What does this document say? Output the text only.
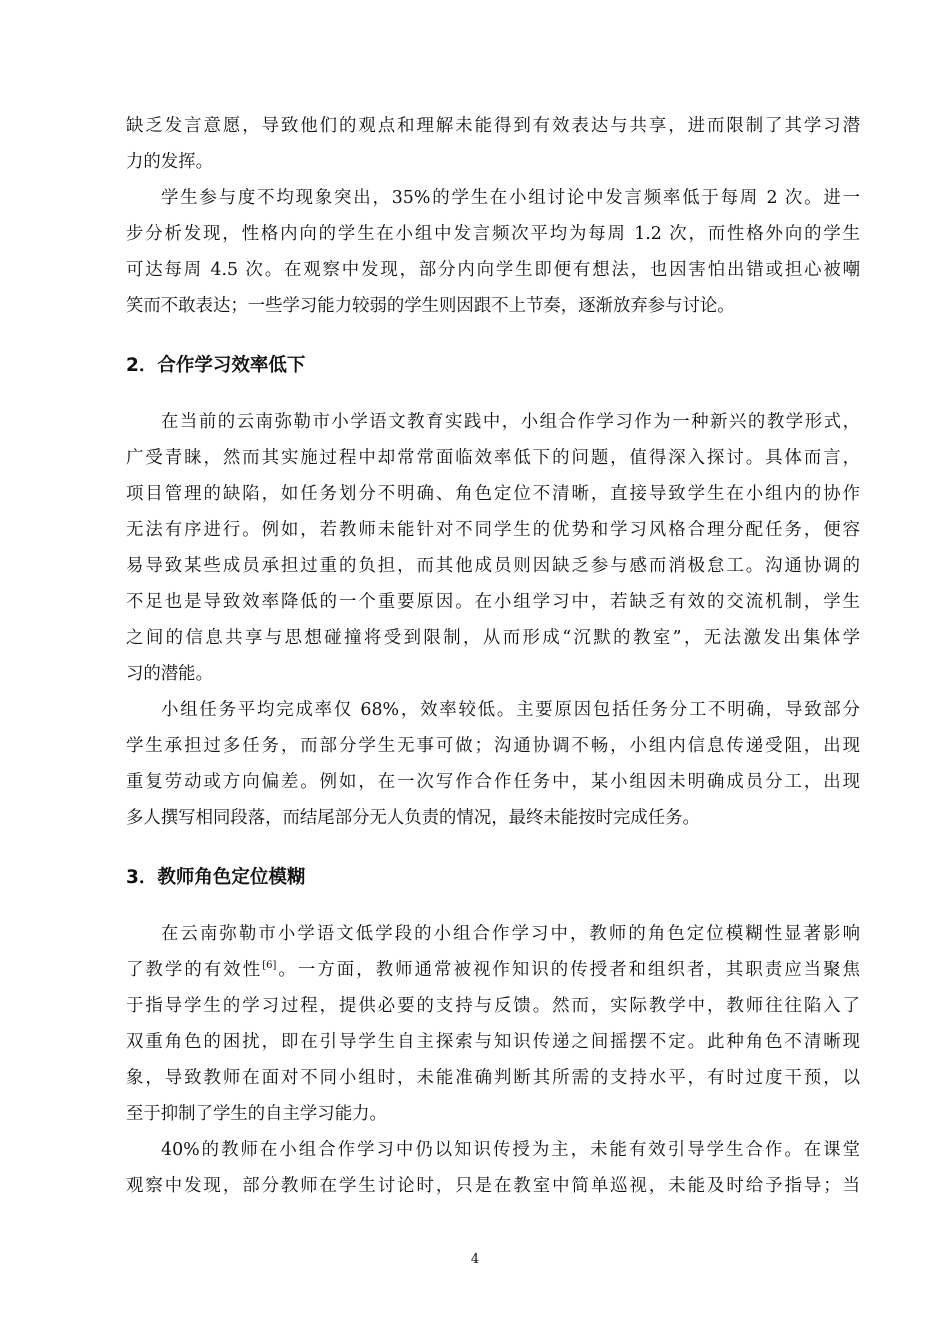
缺乏发言意愿，导致他们的观点和理解未能得到有效表达与共享，进而限制了其学习潜
力的发挥。
学生参与度不均现象突出，35%的学生在小组讨论中发言频率低于每周 2 次。进一
步分析发现，性格内向的学生在小组中发言频次平均为每周 1.2 次，而性格外向的学生
可达每周 4.5 次。在观察中发现，部分内向学生即便有想法，也因害怕出错或担心被嘲
笑而不敢表达；一些学习能力较弱的学生则因跟不上节奏，逐渐放弃参与讨论。
2．合作学习效率低下
在当前的云南弥勒市小学语文教育实践中，小组合作学习作为一种新兴的教学形式，
广受青睐，然而其实施过程中却常常面临效率低下的问题，值得深入探讨。具体而言，
项目管理的缺陷，如任务划分不明确、角色定位不清晰，直接导致学生在小组内的协作
无法有序进行。例如，若教师未能针对不同学生的优势和学习风格合理分配任务，便容
易导致某些成员承担过重的负担，而其他成员则因缺乏参与感而消极怠工。沟通协调的
不足也是导致效率降低的一个重要原因。在小组学习中，若缺乏有效的交流机制，学生
之间的信息共享与思想碰撞将受到限制，从而形成“沉默的教室”，无法激发出集体学
习的潜能。
小组任务平均完成率仅 68%，效率较低。主要原因包括任务分工不明确，导致部分
学生承担过多任务，而部分学生无事可做；沟通协调不畅，小组内信息传递受阻，出现
重复劳动或方向偏差。例如，在一次写作合作任务中，某小组因未明确成员分工，出现
多人撰写相同段落，而结尾部分无人负责的情况，最终未能按时完成任务。
3．教师角色定位模糊
在云南弥勒市小学语文低学段的小组合作学习中，教师的角色定位模糊性显著影响
了教学的有效性[6]。一方面，教师通常被视作知识的传授者和组织者，其职责应当聚焦
于指导学生的学习过程，提供必要的支持与反馈。然而，实际教学中，教师往往陷入了
双重角色的困扰，即在引导学生自主探索与知识传递之间摇摆不定。此种角色不清晰现
象，导致教师在面对不同小组时，未能准确判断其所需的支持水平，有时过度干预，以
至于抑制了学生的自主学习能力。
40%的教师在小组合作学习中仍以知识传授为主，未能有效引导学生合作。在课堂
观察中发现，部分教师在学生讨论时，只是在教室中简单巡视，未能及时给予指导；当
4
